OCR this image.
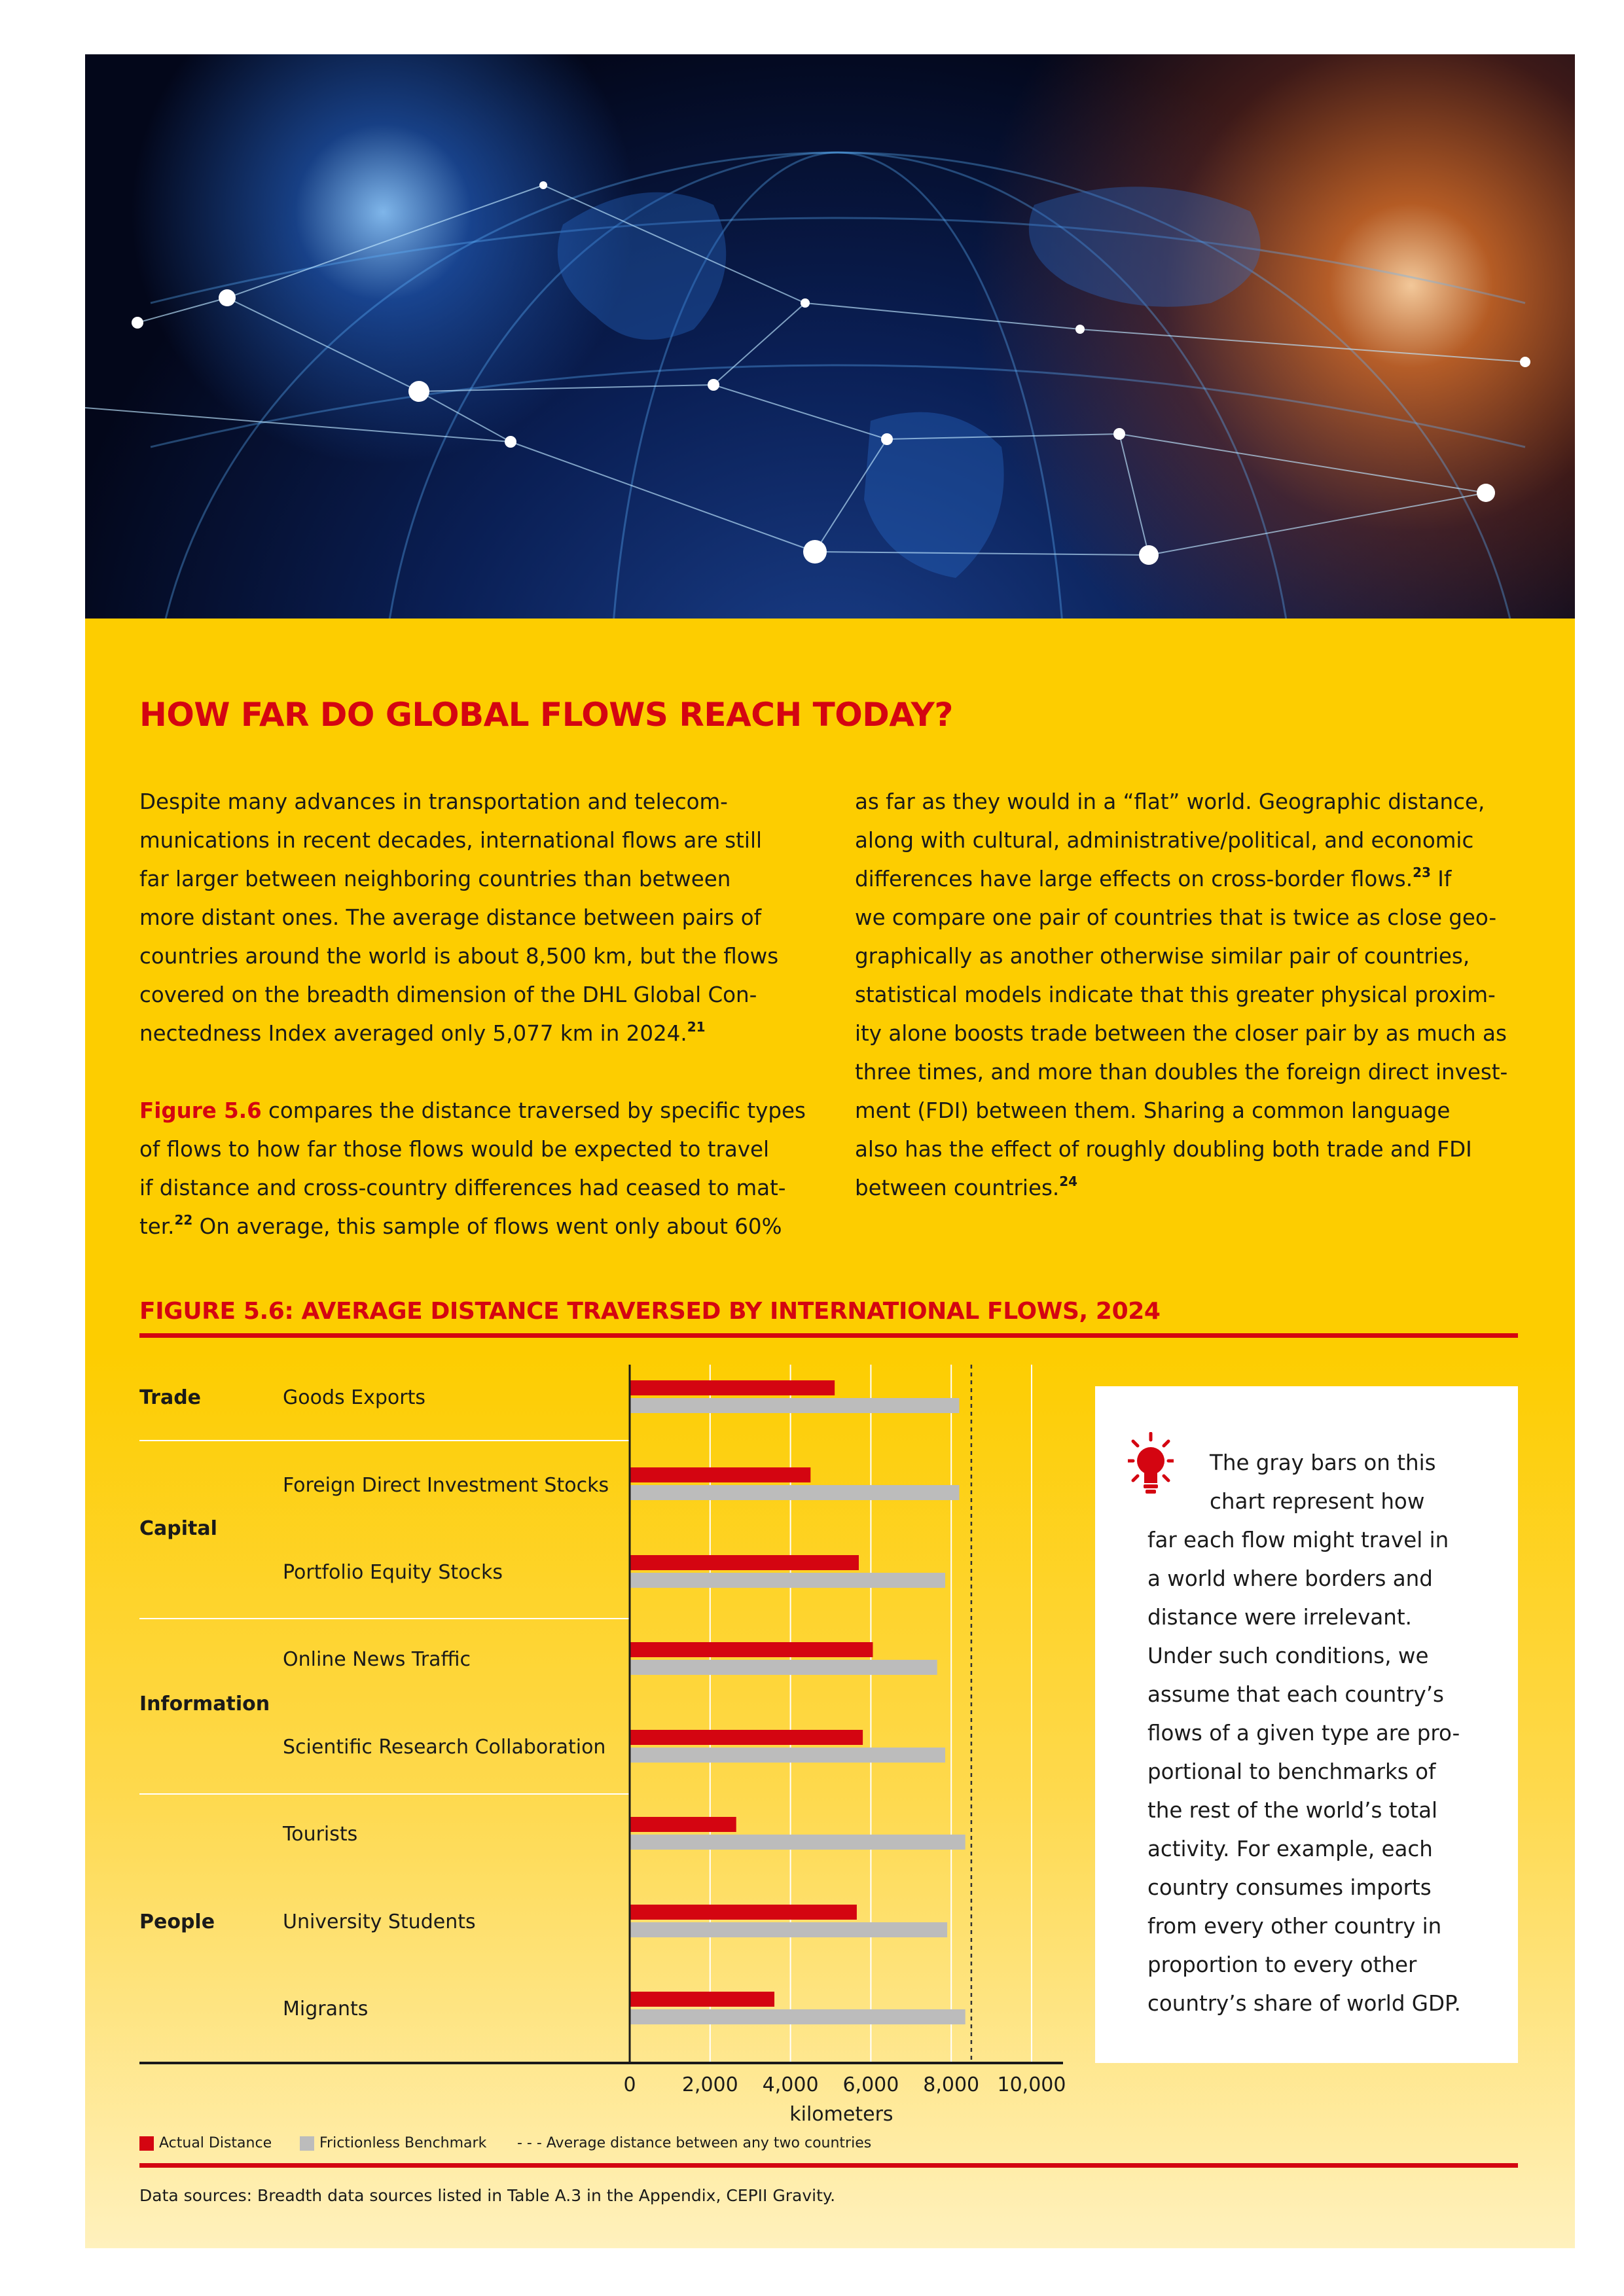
HOW FAR DO GLOBAL FLOWS REACH TODAY?

Despite many advances in transportation and telecom-
munications in recent decades, international flows are still
far larger between neighboring countries than between
more distant ones. The average distance between pairs of
countries around the world is about 8,500 km, but the flows
covered on the breadth dimension of the DHL Global Con-
nectedness Index averaged only 5,077 km in 2024.21

Figure 5.6 compares the distance traversed by specific types
of flows to how far those flows would be expected to travel
if distance and cross-country differences had ceased to mat-
ter.$^{22}$ On average, this sample of flows went only about 60%

as far as they would in a “flat” world. Geographic distance,
along with cultural, administrative/political, and economic
differences have large effects on cross-border flows.$^{23}$ If
we compare one pair of countries that is twice as close geo-
graphically as another otherwise similar pair of countries,
statistical models indicate that this greater physical proxim-
ity alone boosts trade between the closer pair by as much as
three times, and more than doubles the foreign direct invest-
ment (FDI) between them. Sharing a common language
also has the effect of roughly doubling both trade and FDI
between countries.$^{24}$

FIGURE 5.6: AVERAGE DISTANCE TRAVERSED BY INTERNATIONAL FLOWS, 2024
Trade
Capital
Information
People
Goods Exports
Foreign Direct Investment Stocks
Portfolio Equity Stocks
Online News Traffic
Scientific Research Collaboration
Tourists
University Students
Migrants
0 2,000 4,000 6,000 8,000 10,000
kilometers
The gray bars on this
chart represent how
far each flow might travel in
a world where borders and
distance were irrelevant.
Under such conditions, we
assume that each country’s
flows of a given type are pro-
portional to benchmarks of
the rest of the world’s total
activity. For example, each
country consumes imports
from every other country in
proportion to every other
country’s share of world GDP.
Actual Distance	Frictionless Benchmark - - - Average distance between any two countries
Data sources: Breadth data sources listed in Table A.3 in the Appendix, CEPII Gravity.
